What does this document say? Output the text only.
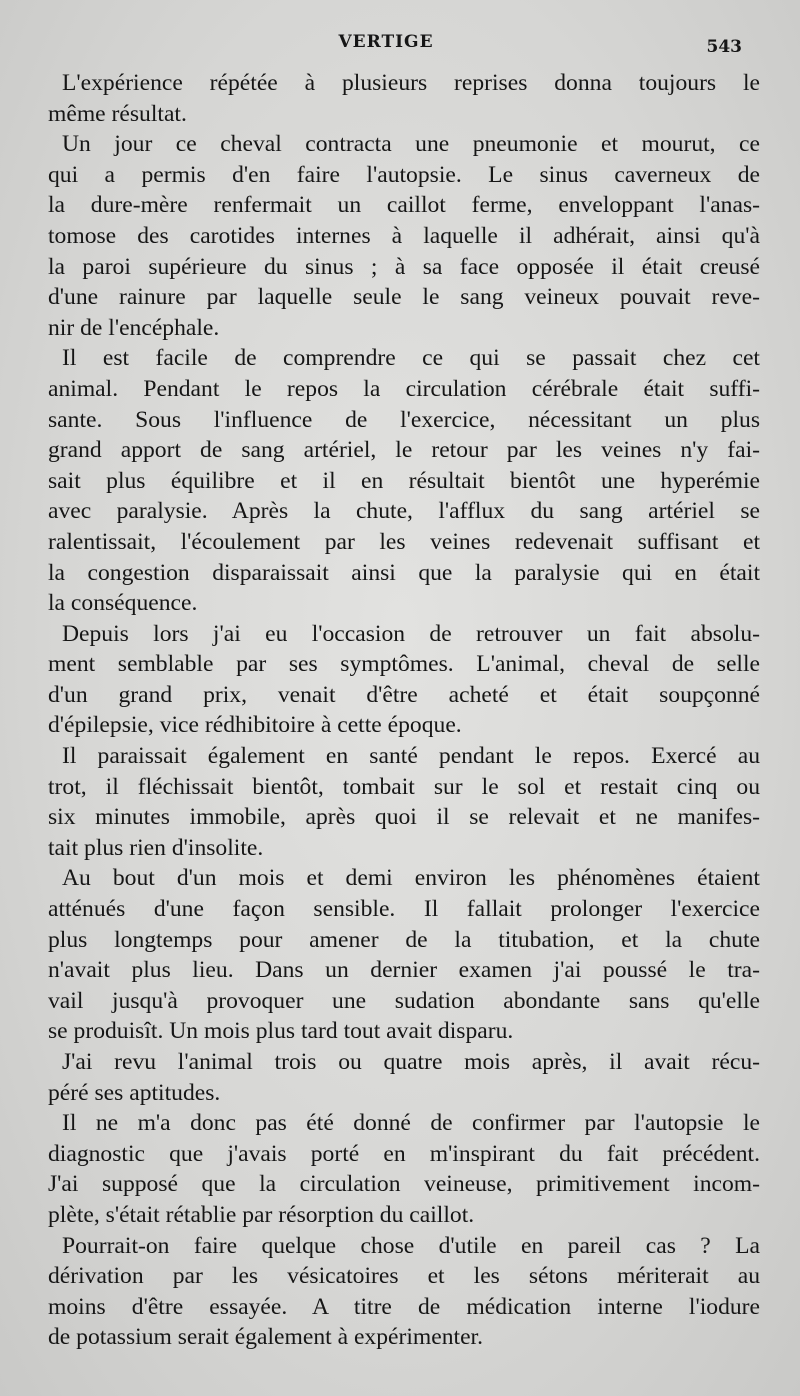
VERTIGE	543

L'expérience répétée à plusieurs reprises donna toujours le
même résultat.

Un jour ce cheval contracta une pneumonie et mourut, ce
qui a permis d'en faire l'autopsie. Le sinus caverneux de
la dure-mère renfermait un caillot ferme, enveloppant l'anas-
tomose des carotides internes à laquelle il adhérait, ainsi qu'à
la paroi supérieure du sinus ; à sa face opposée il était creusé
d'une rainure par laquelle seule le sang veineux pouvait reve-
nir de l'encéphale.

Il est facile de comprendre ce qui se passait chez cet
animal. Pendant le repos la circulation cérébrale était suffi-
sante. Sous l'influence de l'exercice, nécessitant un plus
grand apport de sang artériel, le retour par les veines n'y fai-
sait plus équilibre et il en résultait bientôt une hyperémie
avec paralysie. Après la chute, l'afflux du sang artériel se
ralentissait, l'écoulement par les veines redevenait suffisant et
la congestion disparaissait ainsi que la paralysie qui en était
la conséquence.

Depuis lors j'ai eu l'occasion de retrouver un fait absolu-
ment semblable par ses symptômes. L'animal, cheval de selle
d'un grand prix, venait d'être acheté et était soupçonné
d'épilepsie, vice rédhibitoire à cette époque.

Il paraissait également en santé pendant le repos. Exercé au
trot, il fléchissait bientôt, tombait sur le sol et restait cinq ou
six minutes immobile, après quoi il se relevait et ne manifes-
tait plus rien d'insolite.

Au bout d'un mois et demi environ les phénomènes étaient
atténués d'une façon sensible. Il fallait prolonger l'exercice
plus longtemps pour amener de la titubation, et la chute
n'avait plus lieu. Dans un dernier examen j'ai poussé le tra-
vail jusqu'à provoquer une sudation abondante sans qu'elle
se produisît. Un mois plus tard tout avait disparu.

J'ai revu l'animal trois ou quatre mois après, il avait récu-
péré ses aptitudes.

Il ne m'a donc pas été donné de confirmer par l'autopsie le
diagnostic que j'avais porté en m'inspirant du fait précédent.
J'ai supposé que la circulation veineuse, primitivement incom-
plète, s'était rétablie par résorption du caillot.

Pourrait-on faire quelque chose d'utile en pareil cas ? La
dérivation par les vésicatoires et les sétons mériterait au
moins d'être essayée. A titre de médication interne l'iodure
de potassium serait également à expérimenter.
